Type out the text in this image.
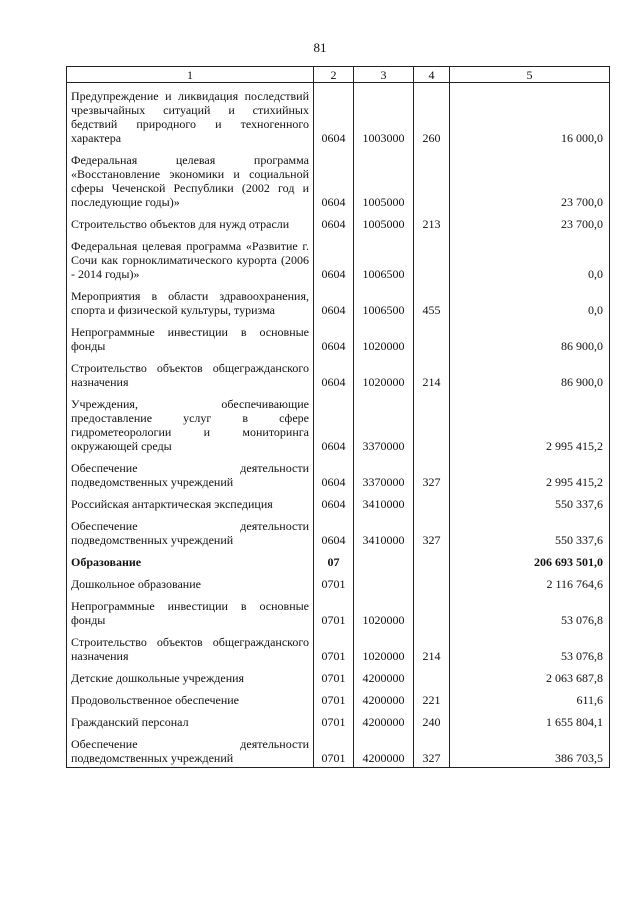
81
1	2	3	4	5
Предупреждение и ликвидация последствий чрезвычайных ситуаций и стихийных бедствий природного и техногенного характера	0604	1003000	260	16 000,0
Федеральная целевая программа «Восстановление экономики и социальной сферы Чеченской Республики (2002 год и последующие годы)»	0604	1005000		23 700,0
Строительство объектов для нужд отрасли	0604	1005000	213	23 700,0
Федеральная целевая программа «Развитие г. Сочи как горноклиматического курорта (2006 - 2014 годы)»	0604	1006500		0,0
Мероприятия в области здравоохранения, спорта и физической культуры, туризма	0604	1006500	455	0,0
Непрограммные инвестиции в основные фонды	0604	1020000		86 900,0
Строительство объектов общегражданского назначения	0604	1020000	214	86 900,0
Учреждения, обеспечивающие предоставление услуг в сфере гидрометеорологии и мониторинга окружающей среды	0604	3370000		2 995 415,2
Обеспечение деятельности подведомственных учреждений	0604	3370000	327	2 995 415,2
Российская антарктическая экспедиция	0604	3410000		550 337,6
Обеспечение деятельности подведомственных учреждений	0604	3410000	327	550 337,6
Образование	07			206 693 501,0
Дошкольное образование	0701			2 116 764,6
Непрограммные инвестиции в основные фонды	0701	1020000		53 076,8
Строительство объектов общегражданского назначения	0701	1020000	214	53 076,8
Детские дошкольные учреждения	0701	4200000		2 063 687,8
Продовольственное обеспечение	0701	4200000	221	611,6
Гражданский персонал	0701	4200000	240	1 655 804,1
Обеспечение деятельности подведомственных учреждений	0701	4200000	327	386 703,5
